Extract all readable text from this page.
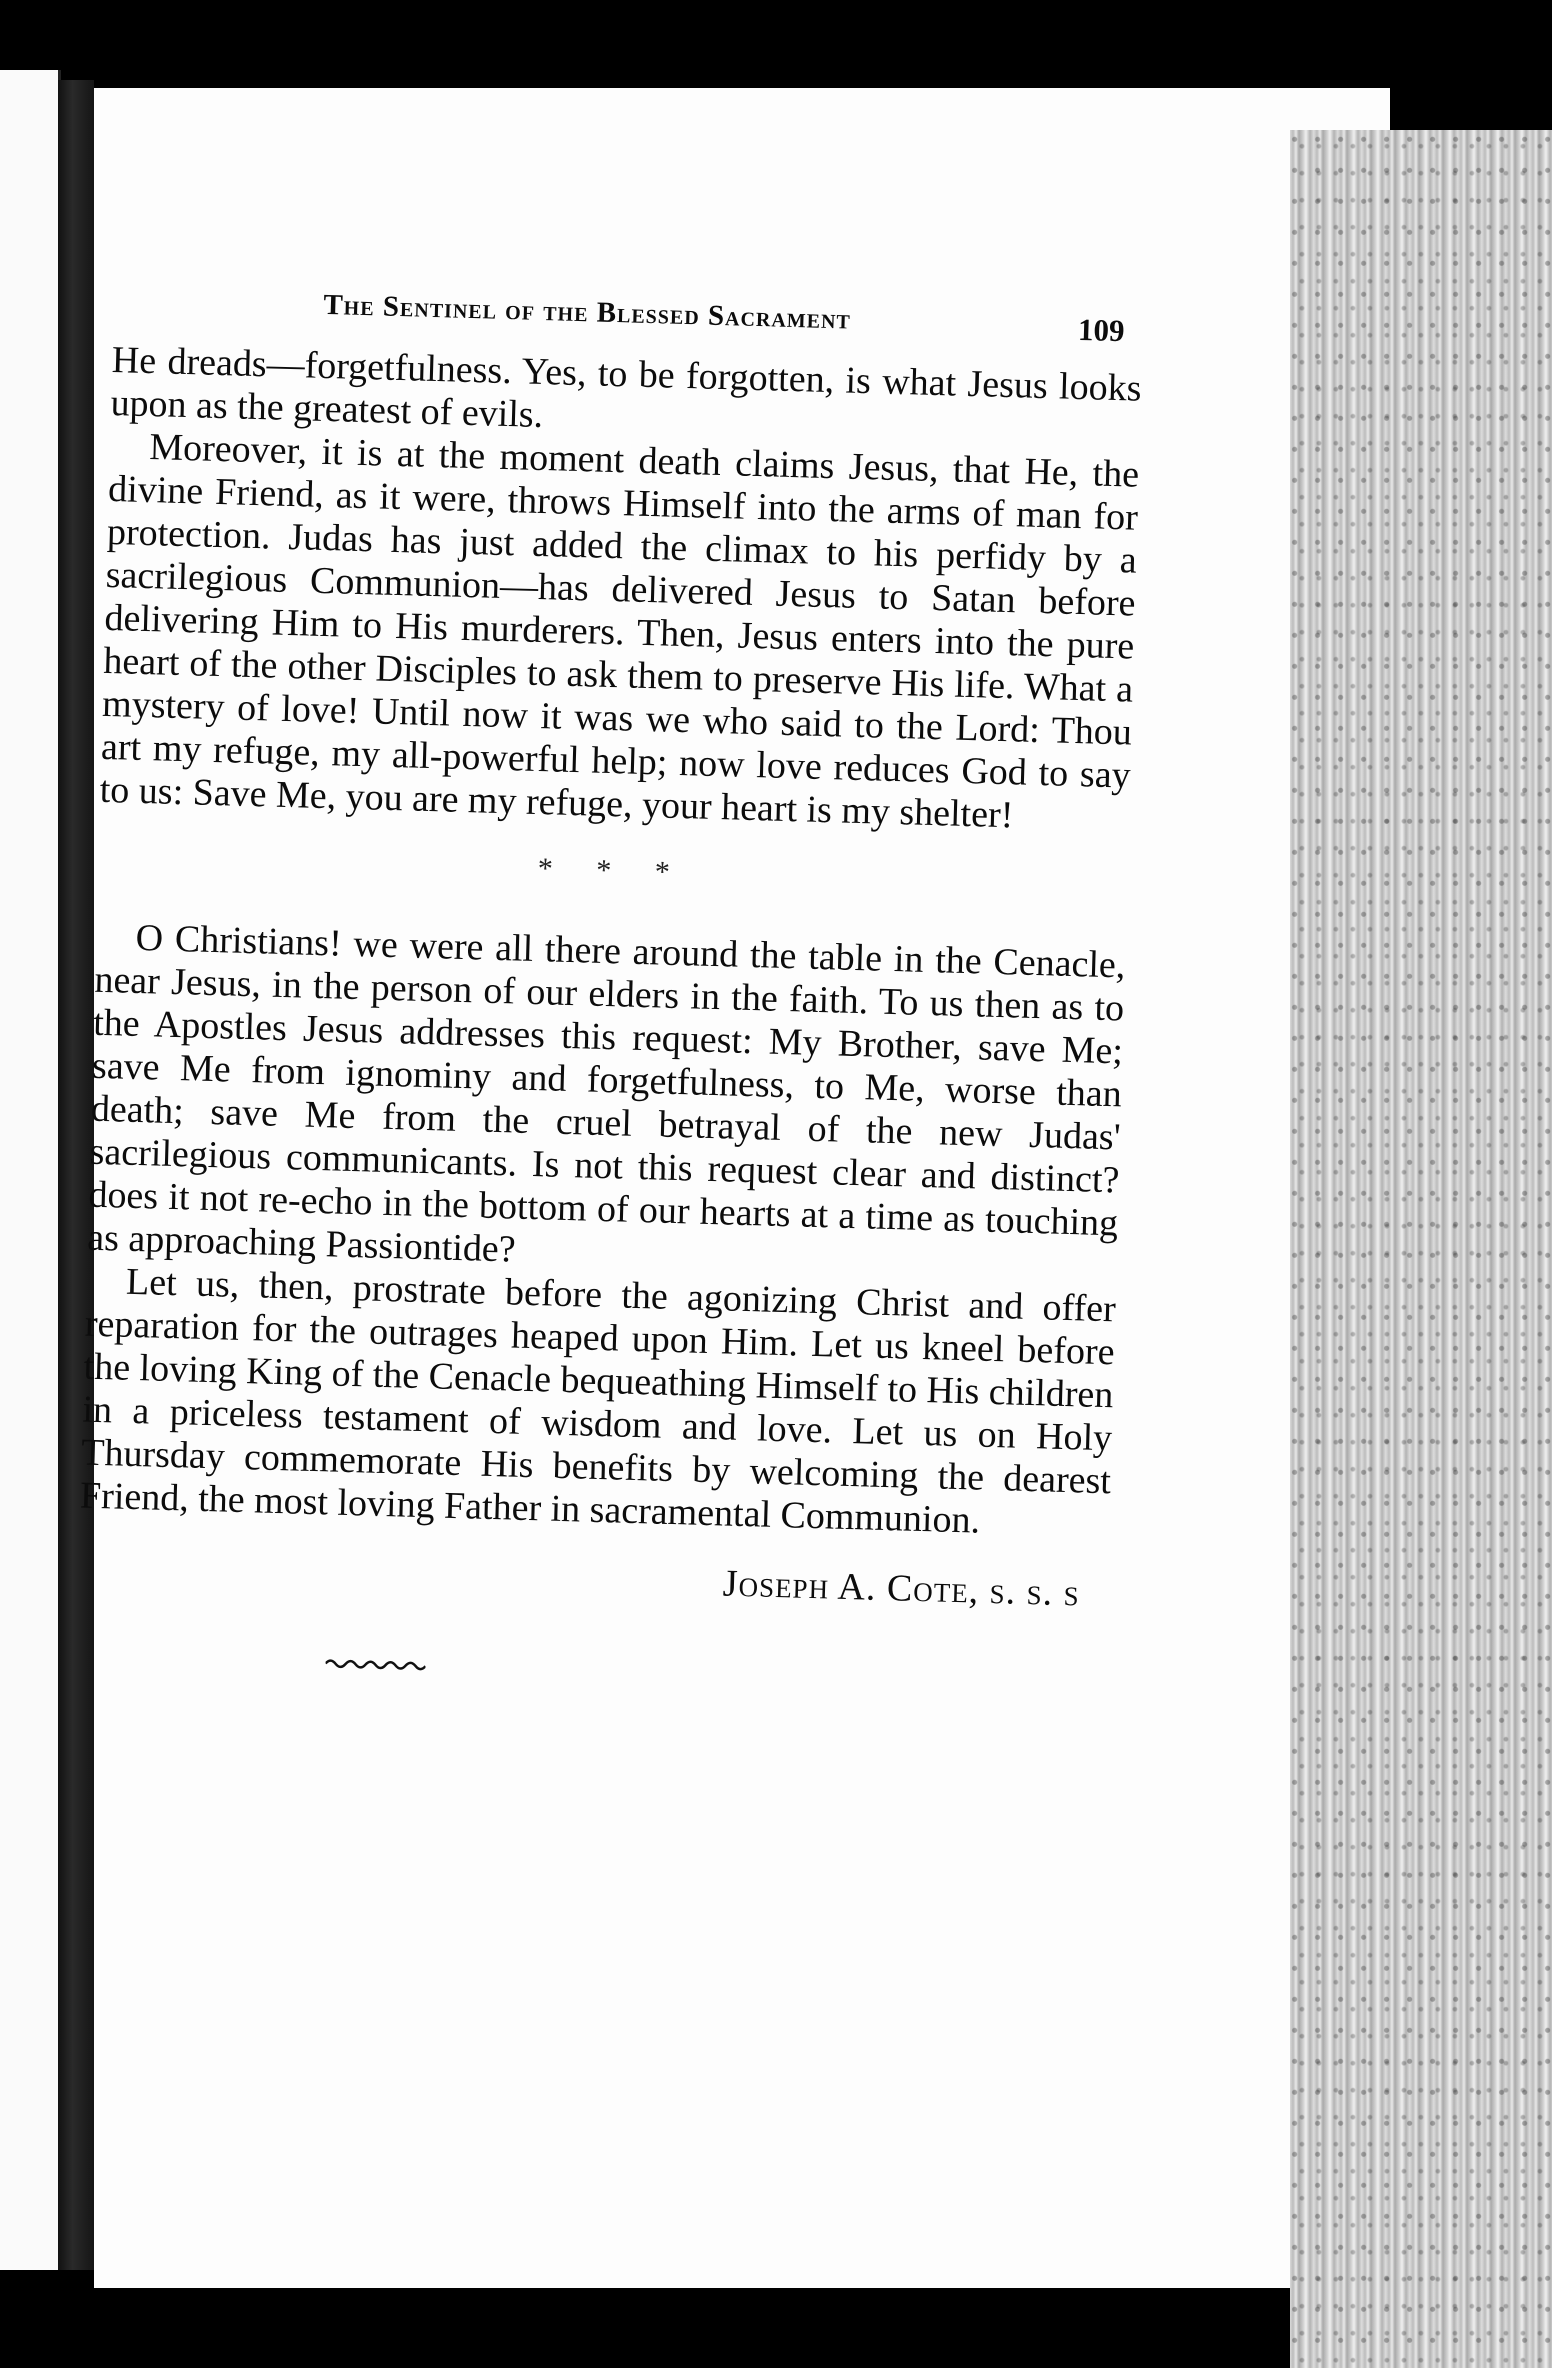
The Sentinel of the Blessed Sacrament	109

He dreads—forgetfulness. Yes, to be forgotten, is what Jesus looks upon as the greatest of evils.

Moreover, it is at the moment death claims Jesus, that He, the divine Friend, as it were, throws Himself into the arms of man for protection. Judas has just added the climax to his perfidy by a sacrilegious Communion—has delivered Jesus to Satan before delivering Him to His murderers. Then, Jesus enters into the pure heart of the other Disciples to ask them to preserve His life. What a mystery of love! Until now it was we who said to the Lord: Thou art my refuge, my all-powerful help; now love reduces God to say to us: Save Me, you are my refuge, your heart is my shelter!

* * *

O Christians! we were all there around the table in the Cenacle, near Jesus, in the person of our elders in the faith. To us then as to the Apostles Jesus addresses this request: My Brother, save Me; save Me from ignominy and forgetfulness, to Me, worse than death; save Me from the cruel betrayal of the new Judas' sacrilegious communicants. Is not this request clear and distinct? does it not re-echo in the bottom of our hearts at a time as touching as approaching Passiontide?

Let us, then, prostrate before the agonizing Christ and offer reparation for the outrages heaped upon Him. Let us kneel before the loving King of the Cenacle bequeathing Himself to His children in a priceless testament of wisdom and love. Let us on Holy Thursday commemorate His benefits by welcoming the dearest Friend, the most loving Father in sacramental Communion.

Joseph A. Cote, s. s. s
